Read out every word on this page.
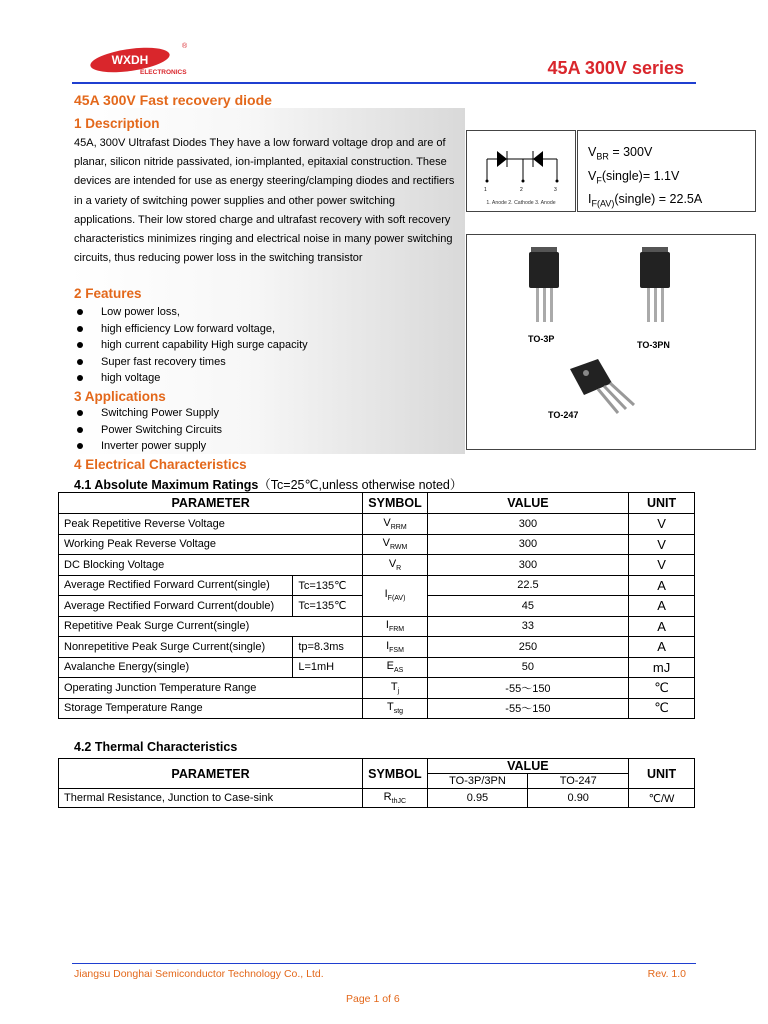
WXDH
®
ELECTRONICS	45A 300V series
45A 300V Fast recovery diode
1 Description
45A, 300V Ultrafast Diodes They have a low forward voltage drop and are of planar, silicon nitride passivated, ion-implanted, epitaxial construction. These devices are intended for use as energy steering/clamping diodes and rectifiers in a variety of switching power supplies and other power switching applications. Their low stored charge and ultrafast recovery with soft recovery characteristics minimizes ringing and electrical noise in many power switching circuits, thus reducing power loss in the switching transistor
2 Features
Low power loss,
high efficiency Low forward voltage,
high current capability High surge capacity
Super fast recovery times
high voltage
3 Applications
Switching Power Supply
Power Switching Circuits
Inverter power supply
1	2	3
1. Anode 2. Cathode 3. Anode
$V_{BR} = 300V$
$V_F(single)= 1.1V$
$I_{F(AV)}(single) = 22.5A$
TO-3P
TO-3PN
TO-247
4 Electrical Characteristics
4.1 Absolute Maximum Ratings（Tc=25℃,unless otherwise noted）
PARAMETER		SYMBOL	VALUE	UNIT
Peak Repetitive Reverse Voltage		$V_{RRM}$	300	V
Working Peak Reverse Voltage		$V_{RWM}$	300	V
DC Blocking Voltage		$V_R$	300	V
Average Rectified Forward Current(single)	Tc=135℃	$I_{F(AV)}$	22.5	A
Average Rectified Forward Current(double)	Tc=135℃		45	A
Repetitive Peak Surge Current(single)		$I_{FRM}$	33	A
Nonrepetitive Peak Surge Current(single)	tp=8.3ms	$I_{FSM}$	250	A
Avalanche Energy(single)	L=1mH	$E_{AS}$	50	mJ
Operating Junction Temperature Range		$T_j$	-55～150	℃
Storage Temperature Range		$T_{stg}$	-55～150	℃
4.2 Thermal Characteristics
PARAMETER	SYMBOL	VALUE		UNIT
		TO-3P/3PN	TO-247	
Thermal Resistance, Junction to Case-sink	$R_{thJC}$	0.95	0.90	℃/W
Jiangsu Donghai Semiconductor Technology Co., Ltd.	Rev. 1.0
Page 1 of 6
